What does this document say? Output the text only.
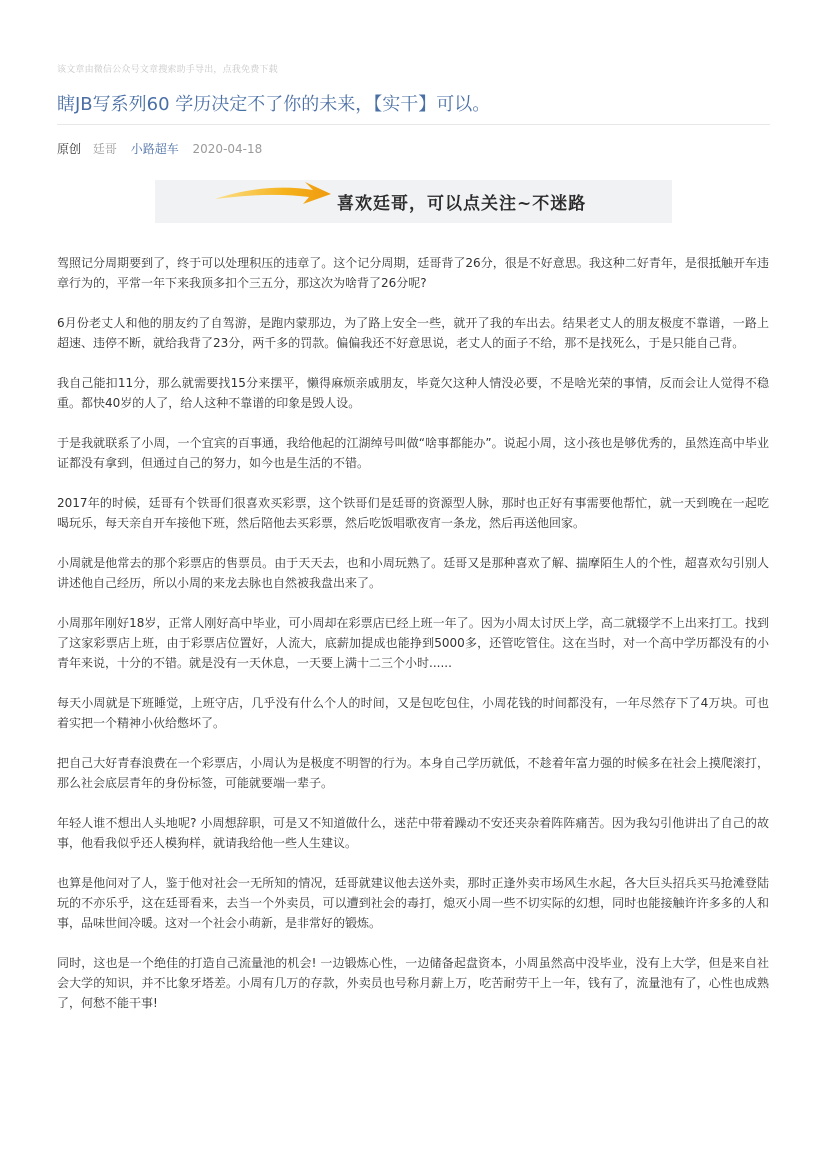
该文章由微信公众号文章搜索助手导出，点我免费下载
瞎JB写系列60 学历决定不了你的未来，【实干】可以。
原创 廷哥 小路超车 2020-04-18
喜欢廷哥，可以点关注~不迷路

驾照记分周期要到了，终于可以处理积压的违章了。这个记分周期，廷哥背了26分，很是不好意思。我这种二好青年，是很抵触开车违章行为的，平常一年下来我顶多扣个三五分，那这次为啥背了26分呢?

6月份老丈人和他的朋友约了自驾游，是跑内蒙那边，为了路上安全一些，就开了我的车出去。结果老丈人的朋友极度不靠谱，一路上超速、违停不断，就给我背了23分，两千多的罚款。偏偏我还不好意思说，老丈人的面子不给，那不是找死么，于是只能自己背。

我自己能扣11分，那么就需要找15分来摆平，懒得麻烦亲戚朋友，毕竟欠这种人情没必要，不是啥光荣的事情，反而会让人觉得不稳重。都快40岁的人了，给人这种不靠谱的印象是毁人设。

于是我就联系了小周，一个宜宾的百事通，我给他起的江湖绰号叫做“啥事都能办”。说起小周，这小孩也是够优秀的，虽然连高中毕业证都没有拿到，但通过自己的努力，如今也是生活的不错。

2017年的时候，廷哥有个铁哥们很喜欢买彩票，这个铁哥们是廷哥的资源型人脉，那时也正好有事需要他帮忙，就一天到晚在一起吃喝玩乐，每天亲自开车接他下班，然后陪他去买彩票，然后吃饭唱歌夜宵一条龙，然后再送他回家。

小周就是他常去的那个彩票店的售票员。由于天天去，也和小周玩熟了。廷哥又是那种喜欢了解、揣摩陌生人的个性，超喜欢勾引别人讲述他自己经历，所以小周的来龙去脉也自然被我盘出来了。

小周那年刚好18岁，正常人刚好高中毕业，可小周却在彩票店已经上班一年了。因为小周太讨厌上学，高二就辍学不上出来打工。找到了这家彩票店上班，由于彩票店位置好，人流大，底薪加提成也能挣到5000多，还管吃管住。这在当时，对一个高中学历都没有的小青年来说，十分的不错。就是没有一天休息，一天要上满十二三个小时......

每天小周就是下班睡觉，上班守店，几乎没有什么个人的时间，又是包吃包住，小周花钱的时间都没有，一年尽然存下了4万块。可也着实把一个精神小伙给憋坏了。

把自己大好青春浪费在一个彩票店，小周认为是极度不明智的行为。本身自己学历就低，不趁着年富力强的时候多在社会上摸爬滚打，那么社会底层青年的身份标签，可能就要端一辈子。

年轻人谁不想出人头地呢? 小周想辞职，可是又不知道做什么，迷茫中带着躁动不安还夹杂着阵阵痛苦。因为我勾引他讲出了自己的故事，他看我似乎还人模狗样，就请我给他一些人生建议。

也算是他问对了人，鉴于他对社会一无所知的情况，廷哥就建议他去送外卖，那时正逢外卖市场风生水起，各大巨头招兵买马抢滩登陆玩的不亦乐乎，这在廷哥看来，去当一个外卖员，可以遭到社会的毒打，熄灭小周一些不切实际的幻想，同时也能接触许许多多的人和事，品味世间冷暖。这对一个社会小萌新，是非常好的锻炼。

同时，这也是一个绝佳的打造自己流量池的机会! 一边锻炼心性，一边储备起盘资本，小周虽然高中没毕业，没有上大学，但是来自社会大学的知识，并不比象牙塔差。小周有几万的存款，外卖员也号称月薪上万，吃苦耐劳干上一年，钱有了，流量池有了，心性也成熟了，何愁不能干事!
